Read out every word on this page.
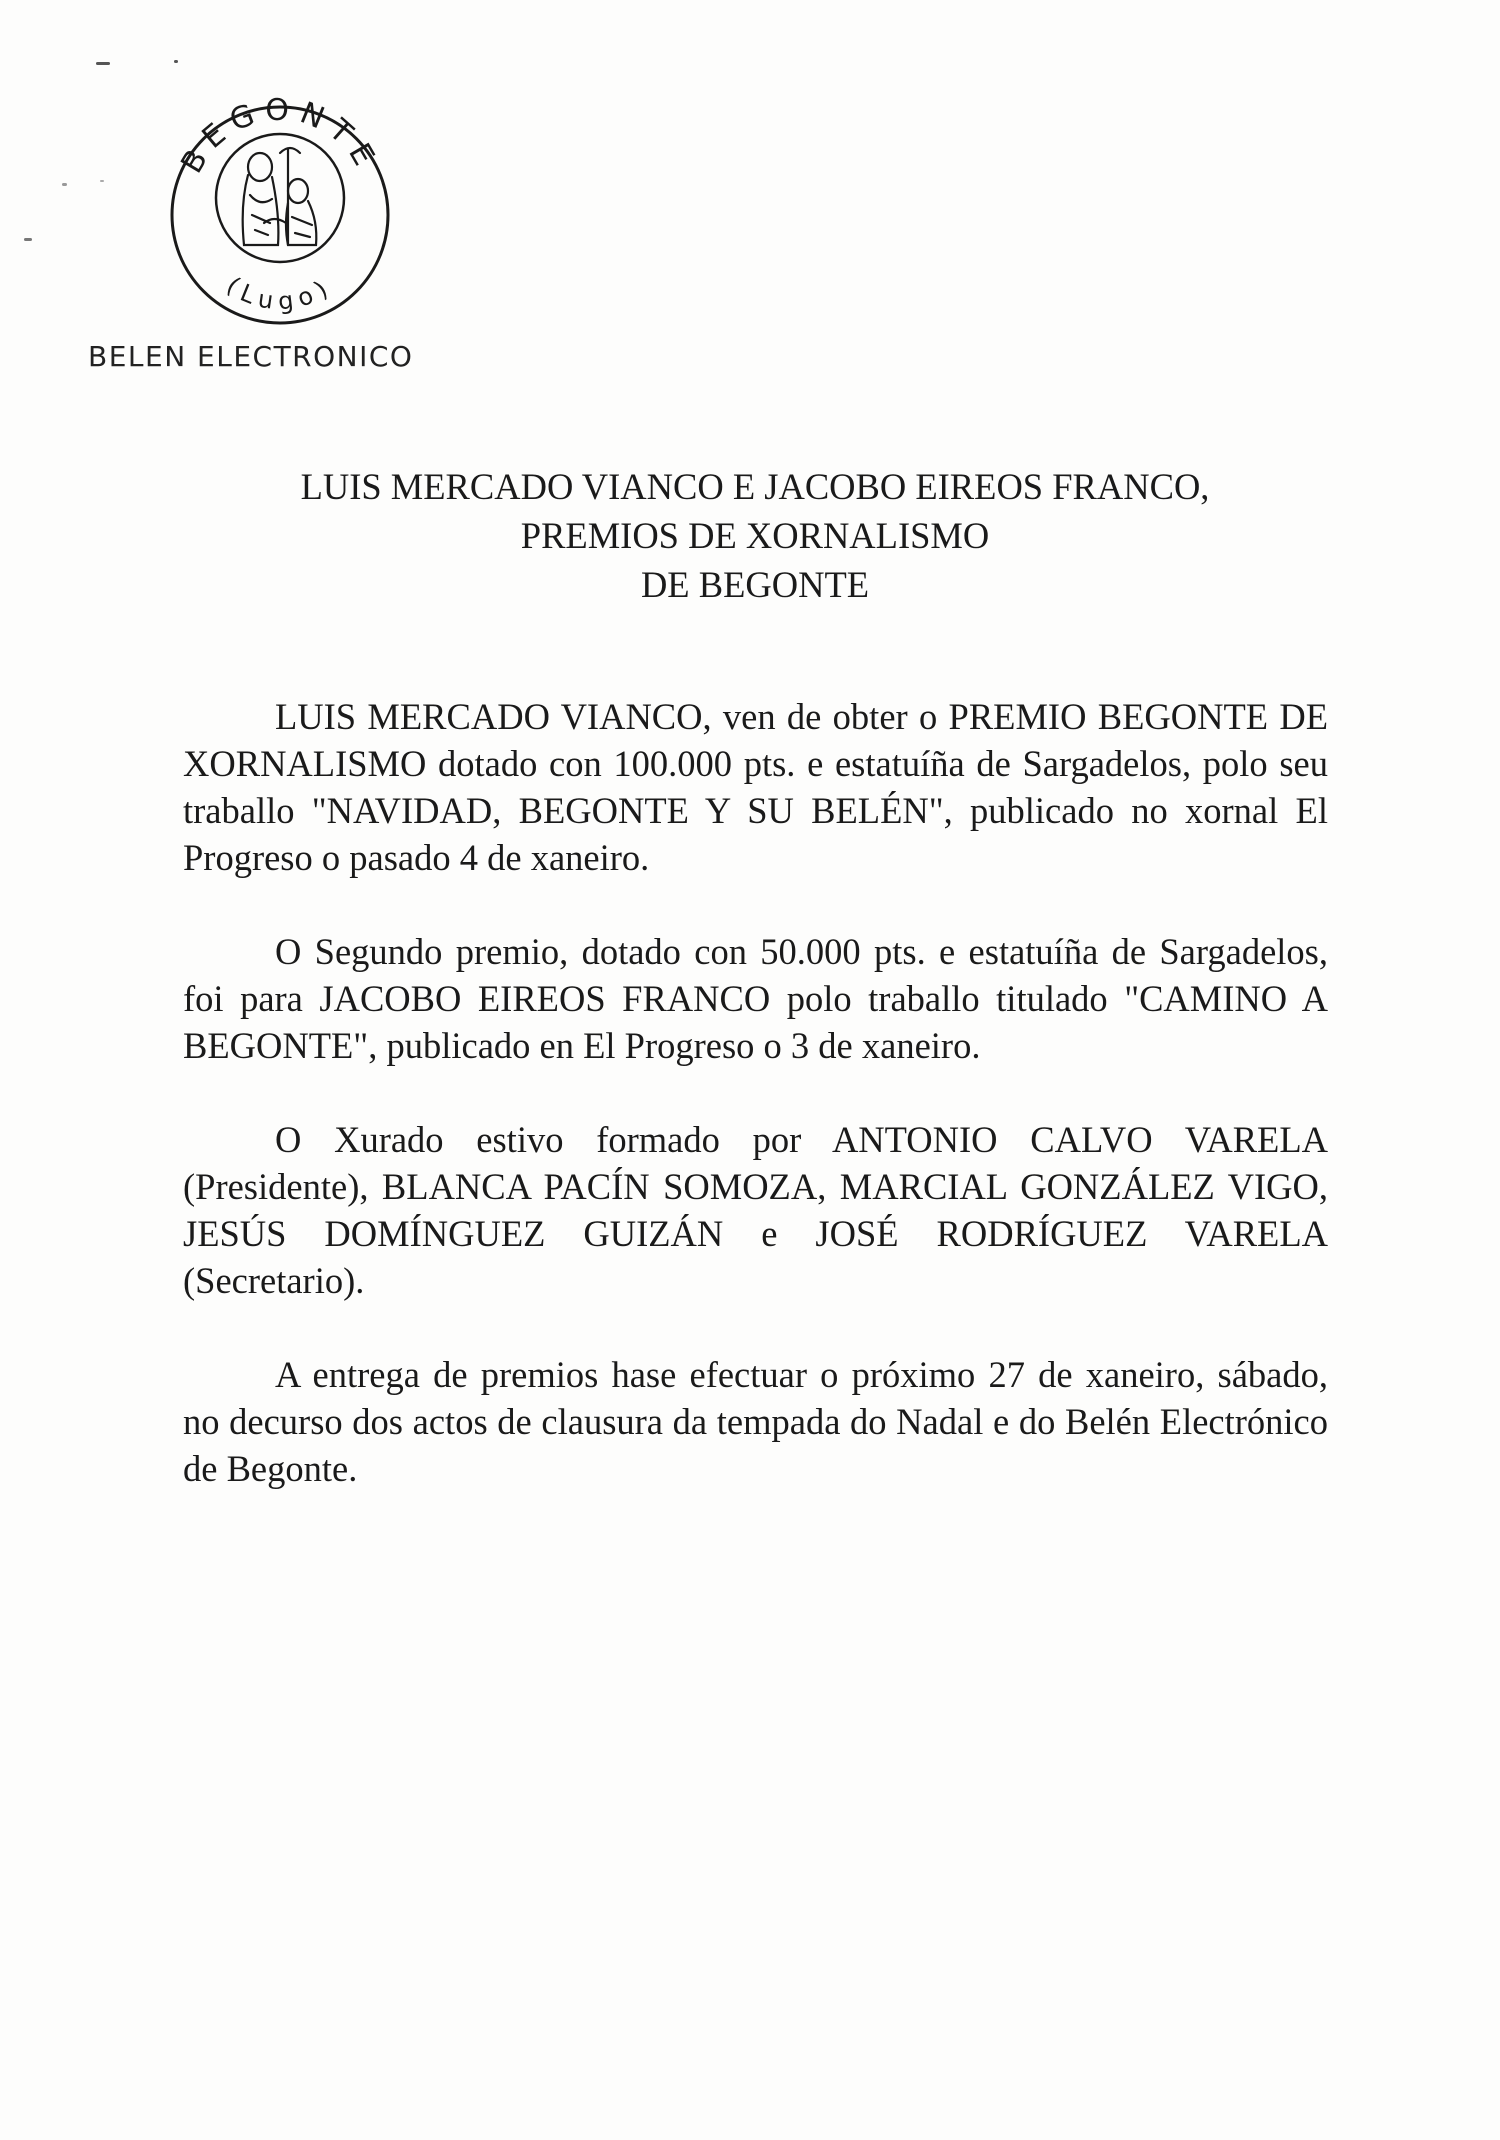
BEGONTE
(Lugo)
BELEN ELECTRONICO
LUIS MERCADO VIANCO E JACOBO EIREOS FRANCO,
PREMIOS DE XORNALISMO
DE BEGONTE

LUIS MERCADO VIANCO, ven de obter o PREMIO BEGONTE DE XORNALISMO dotado con 100.000 pts. e estatuíña de Sargadelos, polo seu traballo "NAVIDAD, BEGONTE Y SU BELÉN", publicado no xornal El Progreso o pasado 4 de xaneiro.

O Segundo premio, dotado con 50.000 pts. e estatuíña de Sargadelos, foi para JACOBO EIREOS FRANCO polo traballo titulado "CAMINO A BEGONTE", publicado en El Progreso o 3 de xaneiro.

O Xurado estivo formado por ANTONIO CALVO VARELA (Presidente), BLANCA PACÍN SOMOZA, MARCIAL GONZÁLEZ VIGO, JESÚS DOMÍNGUEZ GUIZÁN e JOSÉ RODRÍGUEZ VARELA (Secretario).

A entrega de premios hase efectuar o próximo 27 de xaneiro, sábado, no decurso dos actos de clausura da tempada do Nadal e do Belén Electrónico de Begonte.
